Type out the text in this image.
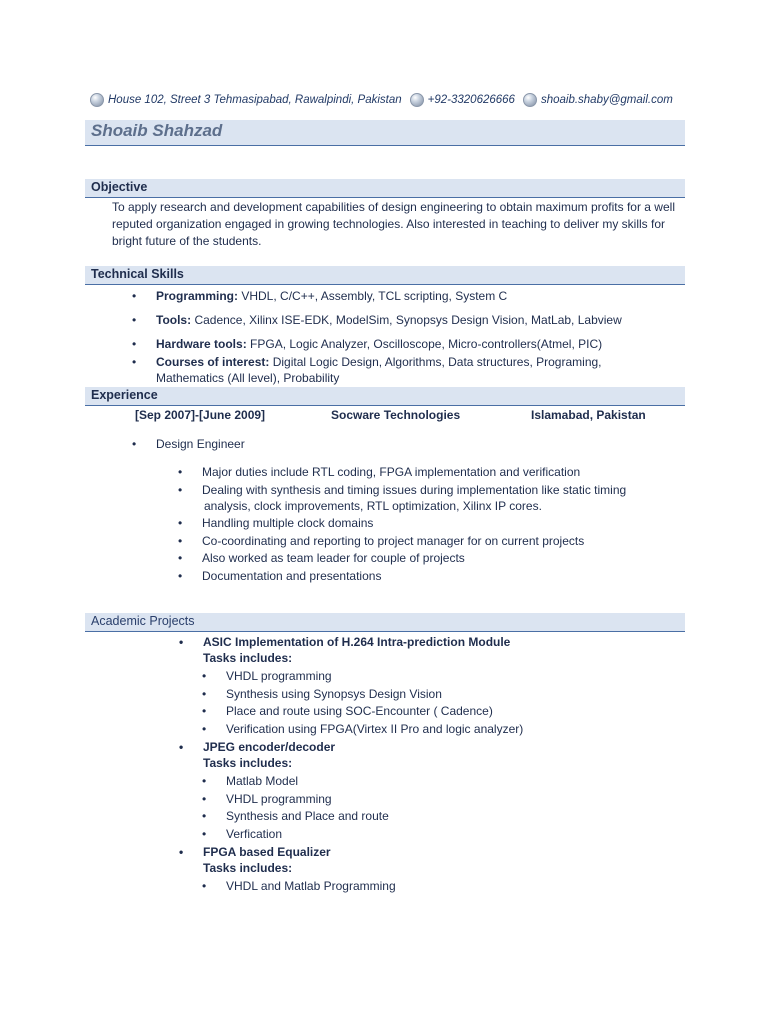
House 102, Street 3 Tehmasipabad, Rawalpindi, Pakistan +92-3320626666 shoaib.shaby@gmail.com
Shoaib Shahzad
Objective
To apply research and development capabilities of design engineering to obtain maximum profits for a well reputed organization engaged in growing technologies. Also interested in teaching to deliver my skills for bright future of the students.
Technical Skills
• Programming: VHDL, C/C++, Assembly, TCL scripting, System C
• Tools: Cadence, Xilinx ISE-EDK, ModelSim, Synopsys Design Vision, MatLab, Labview
• Hardware tools: FPGA, Logic Analyzer, Oscilloscope, Micro-controllers(Atmel, PIC)
• Courses of interest: Digital Logic Design, Algorithms, Data structures, Programing,
Mathematics (All level), Probability
Experience
[Sep 2007]-[June 2009]	Socware Technologies	Islamabad, Pakistan
• Design Engineer
• Major duties include RTL coding, FPGA implementation and verification
• Dealing with synthesis and timing issues during implementation like static timing
analysis, clock improvements, RTL optimization, Xilinx IP cores.
• Handling multiple clock domains
• Co-coordinating and reporting to project manager for on current projects
• Also worked as team leader for couple of projects
• Documentation and presentations
Academic Projects
• ASIC Implementation of H.264 Intra-prediction Module
Tasks includes:
• VHDL programming
• Synthesis using Synopsys Design Vision
• Place and route using SOC-Encounter ( Cadence)
• Verification using FPGA(Virtex II Pro and logic analyzer)
• JPEG encoder/decoder
Tasks includes:
• Matlab Model
• VHDL programming
• Synthesis and Place and route
• Verfication
• FPGA based Equalizer
Tasks includes:
• VHDL and Matlab Programming
